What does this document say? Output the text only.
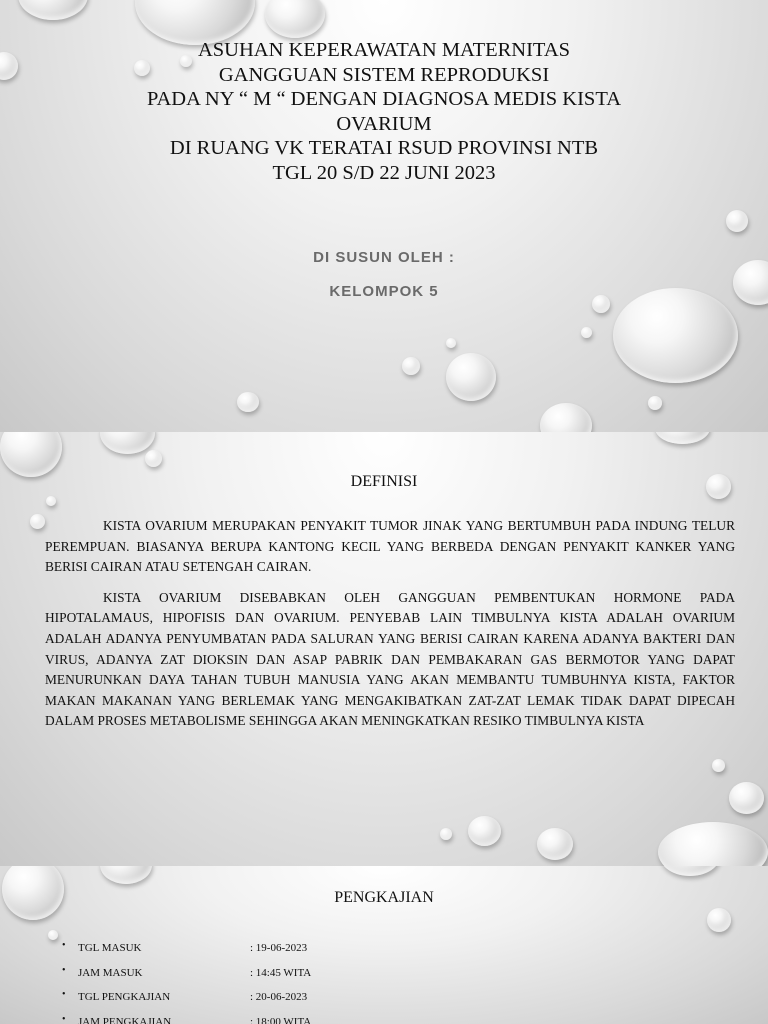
ASUHAN KEPERAWATAN MATERNITAS
GANGGUAN SISTEM REPRODUKSI
PADA NY “ M “ DENGAN DIAGNOSA MEDIS KISTA
OVARIUM
DI RUANG VK TERATAI RSUD PROVINSI NTB
TGL 20 S/D 22 JUNI 2023
DI SUSUN OLEH :
KELOMPOK 5
DEFINISI

KISTA OVARIUM MERUPAKAN PENYAKIT TUMOR JINAK YANG BERTUMBUH PADA INDUNG TELUR PEREMPUAN. BIASANYA BERUPA KANTONG KECIL YANG BERBEDA DENGAN PENYAKIT KANKER YANG BERISI CAIRAN ATAU SETENGAH CAIRAN.

KISTA OVARIUM DISEBABKAN OLEH GANGGUAN PEMBENTUKAN HORMONE PADA HIPOTALAMAUS, HIPOFISIS DAN OVARIUM. PENYEBAB LAIN TIMBULNYA KISTA ADALAH OVARIUM ADALAH ADANYA PENYUMBATAN PADA SALURAN YANG BERISI CAIRAN KARENA ADANYA BAKTERI DAN VIRUS, ADANYA ZAT DIOKSIN DAN ASAP PABRIK DAN PEMBAKARAN GAS BERMOTOR YANG DAPAT MENURUNKAN DAYA TAHAN TUBUH MANUSIA YANG AKAN MEMBANTU TUMBUHNYA KISTA, FAKTOR MAKAN MAKANAN YANG BERLEMAK YANG MENGAKIBATKAN ZAT-ZAT LEMAK TIDAK DAPAT DIPECAH DALAM PROSES METABOLISME SEHINGGA AKAN MENINGKATKAN RESIKO TIMBULNYA KISTA

PENGKAJIAN
• TGL MASUK	: 19-06-2023
• JAM MASUK	: 14:45 WITA
• TGL PENGKAJIAN	: 20-06-2023
• JAM PENGKAJIAN	: 18:00 WITA
